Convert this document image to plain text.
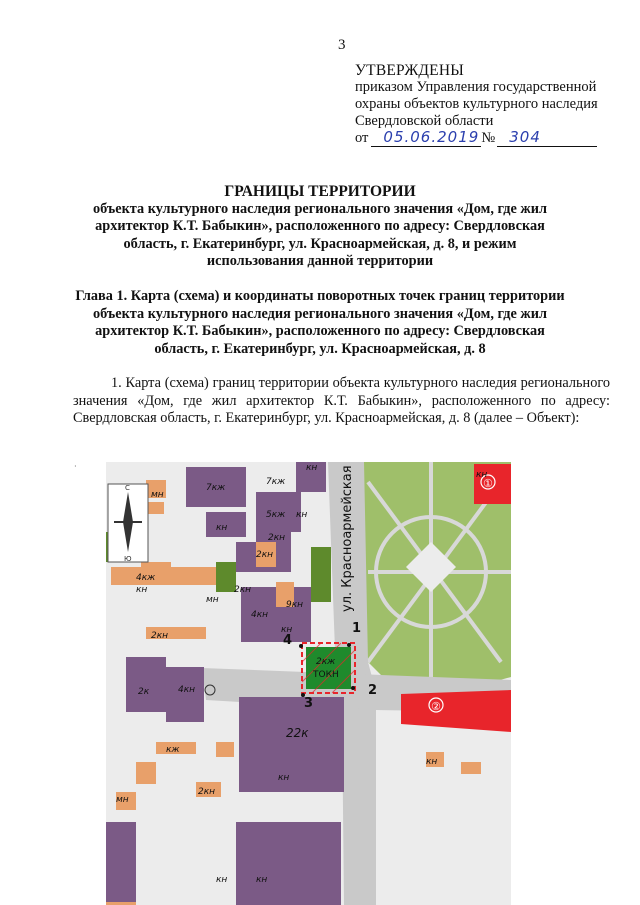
3
УТВЕРЖДЕНЫ
приказом Управления государственной
охраны объектов культурного наследия
Свердловской области
от 05.06.2019 № 304
ГРАНИЦЫ ТЕРРИТОРИИ
объекта культурного наследия регионального значения «Дом, где жил
архитектор К.Т. Бабыкин», расположенного по адресу: Свердловская
область, г. Екатеринбург, ул. Красноармейская, д. 8, и режим
использования данной территории
Глава 1. Карта (схема) и координаты поворотных точек границ территории
объекта культурного наследия регионального значения «Дом, где жил
архитектор К.Т. Бабыкин», расположенного по адресу: Свердловская
область, г. Екатеринбург, ул. Красноармейская, д. 8
1. Карта (схема) границ территории объекта культурного наследия регионального значения «Дом, где жил архитектор К.Т. Бабыкин», расположенного по адресу: Свердловская область, г. Екатеринбург, ул. Красноармейская, д. 8 (далее – Объект):
·	ул. Красноармейская
С
Ю
2кж
ТОКН
1
2
3
4
①
②
7кж
7кж
5кж кн
2кн
кн
2кн
4кж
4кн
9кн
кн
2кн
2кн
4кн
2к
22к
кж
2кн
кн
кн
кн
кн
мн
мн
мн
кн
кн
кн
